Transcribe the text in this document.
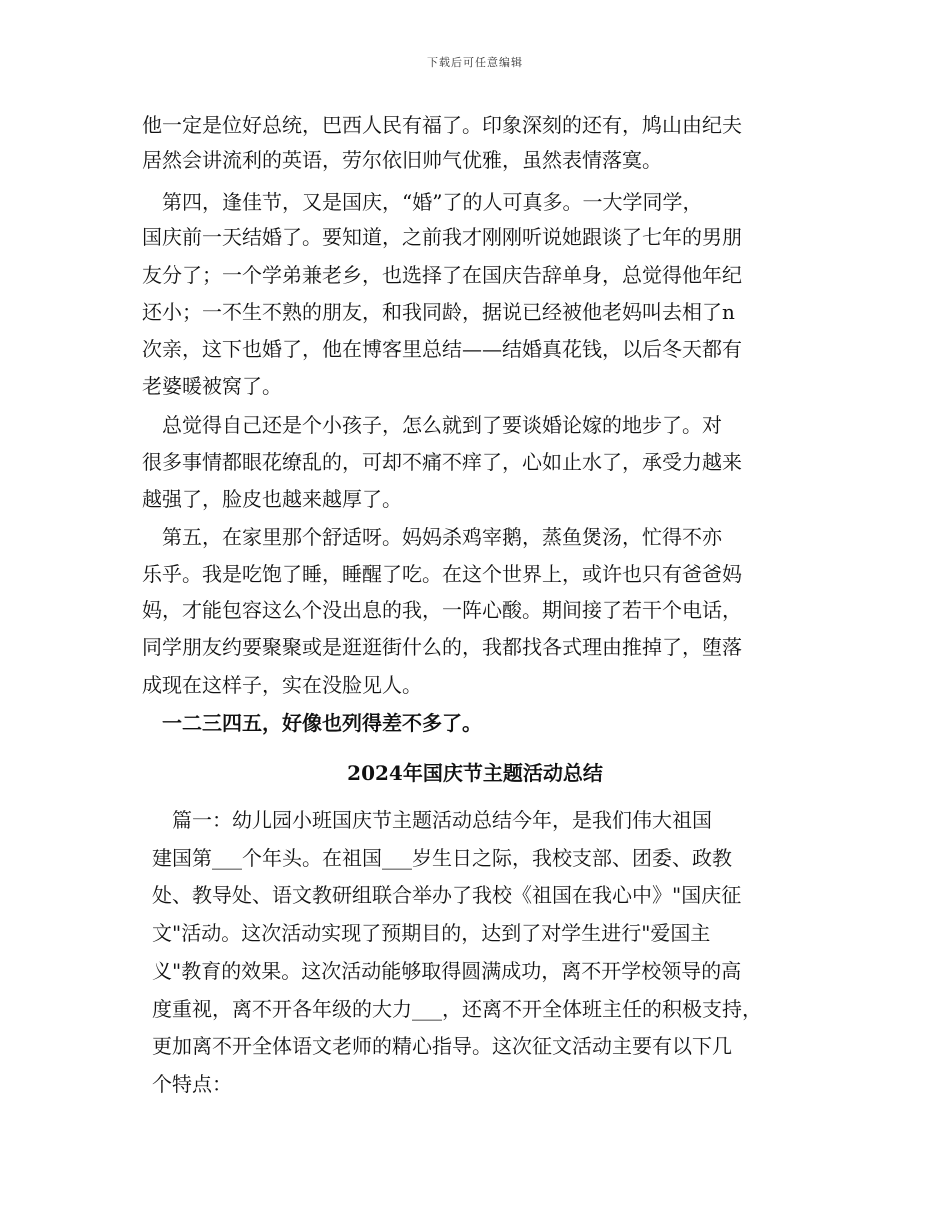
下载后可任意编辑
他一定是位好总统，巴西人民有福了。印象深刻的还有，鸠山由纪夫
居然会讲流利的英语，劳尔依旧帅气优雅，虽然表情落寞。
　第四，逢佳节，又是国庆，“婚”了的人可真多。一大学同学，
国庆前一天结婚了。要知道，之前我才刚刚听说她跟谈了七年的男朋
友分了；一个学弟兼老乡，也选择了在国庆告辞单身，总觉得他年纪
还小；一不生不熟的朋友，和我同龄，据说已经被他老妈叫去相了n
次亲，这下也婚了，他在博客里总结——结婚真花钱，以后冬天都有
老婆暖被窝了。
　总觉得自己还是个小孩子，怎么就到了要谈婚论嫁的地步了。对
很多事情都眼花缭乱的，可却不痛不痒了，心如止水了，承受力越来
越强了，脸皮也越来越厚了。
　第五，在家里那个舒适呀。妈妈杀鸡宰鹅，蒸鱼煲汤，忙得不亦
乐乎。我是吃饱了睡，睡醒了吃。在这个世界上，或许也只有爸爸妈
妈，才能包容这么个没出息的我，一阵心酸。期间接了若干个电话，
同学朋友约要聚聚或是逛逛街什么的，我都找各式理由推掉了，堕落
成现在这样子，实在没脸见人。
　一二三四五，好像也列得差不多了。
2024年国庆节主题活动总结
　篇一：幼儿园小班国庆节主题活动总结今年，是我们伟大祖国
建国第___个年头。在祖国___岁生日之际，我校支部、团委、政教
处、教导处、语文教研组联合举办了我校《祖国在我心中》"国庆征
文"活动。这次活动实现了预期目的，达到了对学生进行"爱国主
义"教育的效果。这次活动能够取得圆满成功，离不开学校领导的高
度重视，离不开各年级的大力___，还离不开全体班主任的积极支持，
更加离不开全体语文老师的精心指导。这次征文活动主要有以下几
个特点：
